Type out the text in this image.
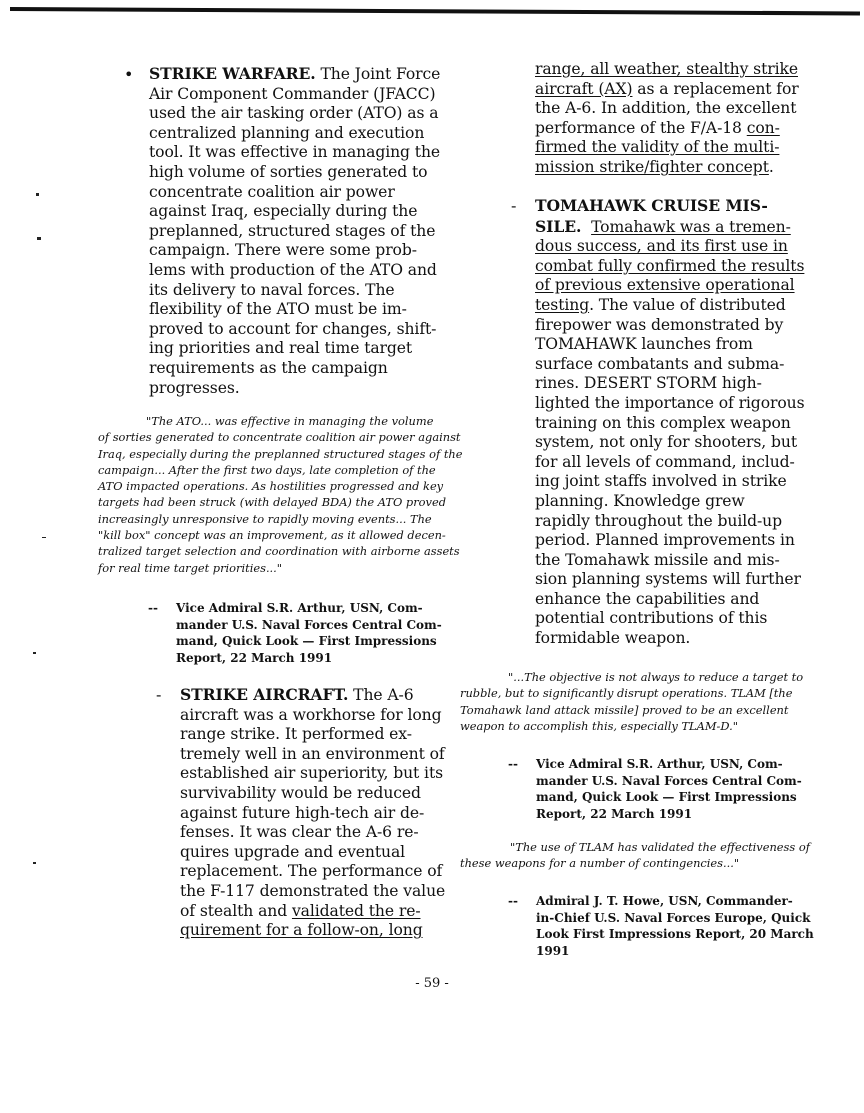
• STRIKE WARFARE. The Joint Force

Air Component Commander (JFACC)

used the air tasking order (ATO) as a

centralized planning and execution

tool. It was effective in managing the

high volume of sorties generated to

concentrate coalition air power

against Iraq, especially during the

preplanned, structured stages of the

campaign. There were some prob-

lems with production of the ATO and

its delivery to naval forces. The

flexibility of the ATO must be im-

proved to account for changes, shift-

ing priorities and real time target

requirements as the campaign

progresses.

"The ATO... was effective in managing the volume

of sorties generated to concentrate coalition air power against

Iraq, especially during the preplanned structured stages of the

campaign... After the first two days, late completion of the

ATO impacted operations. As hostilities progressed and key

targets had been struck (with delayed BDA) the ATO proved

increasingly unresponsive to rapidly moving events... The

"kill box" concept was an improvement, as it allowed decen-

tralized target selection and coordination with airborne assets

for real time target priorities..."

-- Vice Admiral S.R. Arthur, USN, Com-

mander U.S. Naval Forces Central Com-

mand, Quick Look — First Impressions

Report, 22 March 1991

- STRIKE AIRCRAFT. The A-6

aircraft was a workhorse for long

range strike. It performed ex-

tremely well in an environment of

established air superiority, but its

survivability would be reduced

against future high-tech air de-

fenses. It was clear the A-6 re-

quires upgrade and eventual

replacement. The performance of

the F-117 demonstrated the value

of stealth and validated the re-

quirement for a follow-on, long

range, all weather, stealthy strike

aircraft (AX) as a replacement for

the A-6. In addition, the excellent

performance of the F/A-18 con-

firmed the validity of the multi-

mission strike/fighter concept.

- TOMAHAWK CRUISE MIS-

SILE. Tomahawk was a tremen-

dous success, and its first use in

combat fully confirmed the results

of previous extensive operational

testing. The value of distributed

firepower was demonstrated by

TOMAHAWK launches from

surface combatants and subma-

rines. DESERT STORM high-

lighted the importance of rigorous

training on this complex weapon

system, not only for shooters, but

for all levels of command, includ-

ing joint staffs involved in strike

planning. Knowledge grew

rapidly throughout the build-up

period. Planned improvements in

the Tomahawk missile and mis-

sion planning systems will further

enhance the capabilities and

potential contributions of this

formidable weapon.

"...The objective is not always to reduce a target to

rubble, but to significantly disrupt operations. TLAM [the

Tomahawk land attack missile] proved to be an excellent

weapon to accomplish this, especially TLAM-D."

-- Vice Admiral S.R. Arthur, USN, Com-

mander U.S. Naval Forces Central Com-

mand, Quick Look — First Impressions

Report, 22 March 1991

"The use of TLAM has validated the effectiveness of

these weapons for a number of contingencies..."

-- Admiral J. T. Howe, USN, Commander-

in-Chief U.S. Naval Forces Europe, Quick

Look First Impressions Report, 20 March

1991

- 59 -
